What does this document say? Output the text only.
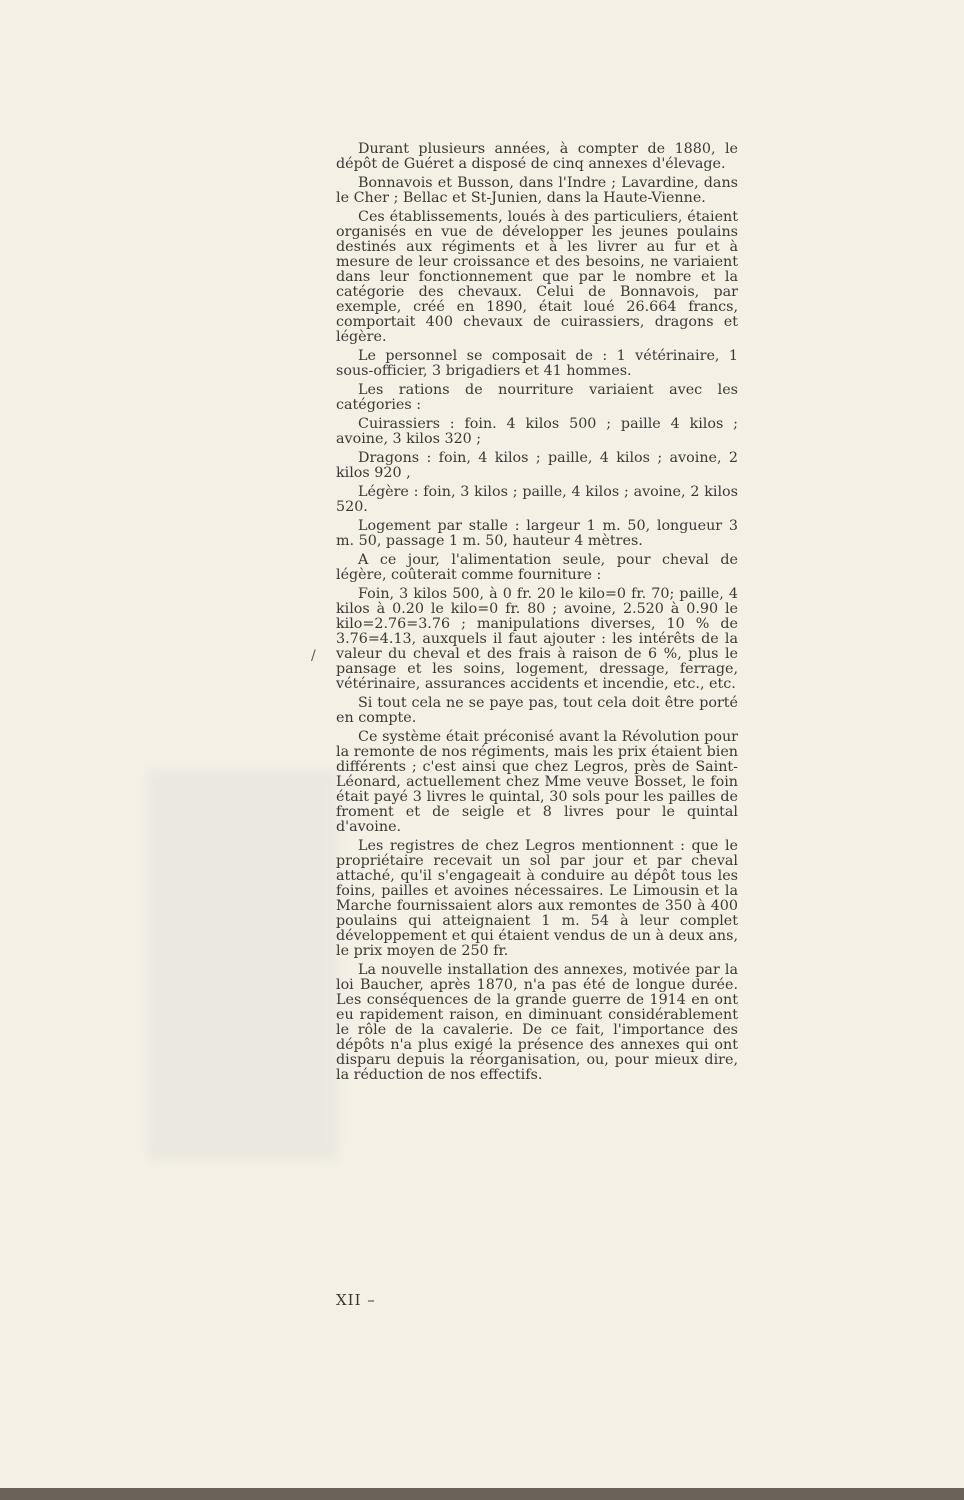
Durant plusieurs années, à compter de 1880, le dépôt de Guéret a disposé de cinq annexes d'élevage.

Bonnavois et Busson, dans l'Indre ; Lavardine, dans le Cher ; Bellac et St-Junien, dans la Haute-Vienne.

Ces établissements, loués à des particuliers, étaient organisés en vue de développer les jeunes poulains destinés aux régiments et à les livrer au fur et à mesure de leur croissance et des besoins, ne variaient dans leur fonctionnement que par le nombre et la catégorie des chevaux. Celui de Bonnavois, par exemple, créé en 1890, était loué 26.664 francs, comportait 400 chevaux de cuirassiers, dragons et légère.

Le personnel se composait de : 1 vétérinaire, 1 sous-officier, 3 brigadiers et 41 hommes.

Les rations de nourriture variaient avec les catégories :

Cuirassiers : foin. 4 kilos 500 ; paille 4 kilos ; avoine, 3 kilos 320 ;

Dragons : foin, 4 kilos ; paille, 4 kilos ; avoine, 2 kilos 920 ,

Légère : foin, 3 kilos ; paille, 4 kilos ; avoine, 2 kilos 520.

Logement par stalle : largeur 1 m. 50, longueur 3 m. 50, passage 1 m. 50, hauteur 4 mètres.

A ce jour, l'alimentation seule, pour cheval de légère, coûterait comme fourniture :

Foin, 3 kilos 500, à 0 fr. 20 le kilo=0 fr. 70; paille, 4 kilos à 0.20 le kilo=0 fr. 80 ; avoine, 2.520 à 0.90 le kilo=2.76=3.76 ; manipulations diverses, 10 % de 3.76=4.13, auxquels il faut ajouter : les intérêts de la valeur du cheval et des frais à raison de 6 %, plus le pansage et les soins, logement, dressage, ferrage, vétérinaire, assurances accidents et incendie, etc., etc.

Si tout cela ne se paye pas, tout cela doit être porté en compte.

Ce système était préconisé avant la Révolution pour la remonte de nos régiments, mais les prix étaient bien différents ; c'est ainsi que chez Legros, près de Saint-Léonard, actuellement chez Mme veuve Bosset, le foin était payé 3 livres le quintal, 30 sols pour les pailles de froment et de seigle et 8 livres pour le quintal d'avoine.

Les registres de chez Legros mentionnent : que le propriétaire recevait un sol par jour et par cheval attaché, qu'il s'engageait à conduire au dépôt tous les foins, pailles et avoines nécessaires. Le Limousin et la Marche fournissaient alors aux remontes de 350 à 400 poulains qui atteignaient 1 m. 54 à leur complet développement et qui étaient vendus de un à deux ans, le prix moyen de 250 fr.

La nouvelle installation des annexes, motivée par la loi Baucher, après 1870, n'a pas été de longue durée. Les conséquences de la grande guerre de 1914 en ont eu rapidement raison, en diminuant considérablement le rôle de la cavalerie. De ce fait, l'importance des dépôts n'a plus exigé la présence des annexes qui ont disparu depuis la réorganisation, ou, pour mieux dire, la réduction de nos effectifs.

/
XII –
